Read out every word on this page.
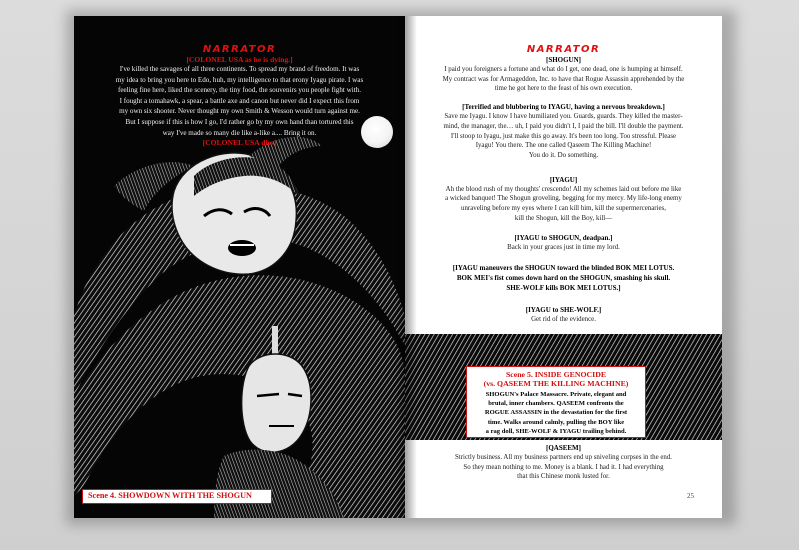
NARRATOR
[COLONEL USA as he is dying.]
I've killed the savages of all three continents. To spread my brand of freedom. It was
my idea to bring you here to Edo, huh, my intelligence to that erony Iyagu pirate. I was
feeling fine here, liked the scenery, the tiny food, the souvenirs you people fight with.
I fought a tomahawk, a spear, a battle axe and canon but never did I expect this from
my own six shooter. Never thought my own Smith & Wesson would turn against me.
But I suppose if this is how I go, I'd rather go by my own hand than tortured this
way I've made so many die like a-like a.... Bring it on.
[COLONEL USA dies]
Scene 4. SHOWDOWN WITH THE SHOGUN
NARRATOR
[SHOGUN]
I paid you foreigners a fortune and what do I get, one dead, one is humping at himself.
My contract was for Armageddon, Inc. to have that Rogue Assassin apprehended by the
time he got here to the feast of his own execution.
[Terrified and blubbering to IYAGU, having a nervous breakdown.]
Save me Iyagu. I know I have humiliated you. Guards, guards. They killed the master-
mind, the manager, the… uh, I paid you didn't I, I paid the bill. I'll double the payment.
I'll stoop to Iyagu, just make this go away. It's been too long. Too stressful. Please
Iyagu! You there. The one called Qaseem The Killing Machine!
You do it. Do something.
[IYAGU]
Ah the blood rush of my thoughts' crescendo! All my schemes laid out before me like
a wicked banquet! The Shogun groveling, begging for my mercy. My life-long enemy
unraveling before my eyes where I can kill him, kill the supermercenaries,
kill the Shogun, kill the Boy, kill—
[IYAGU to SHOGUN, deadpan.]
Back in your graces just in time my lord.
[IYAGU maneuvers the SHOGUN toward the blinded BOK MEI LOTUS.
BOK MEI's fist comes down hard on the SHOGUN, smashing his skull.
SHE-WOLF kills BOK MEI LOTUS.]
[IYAGU to SHE-WOLF.]
Get rid of the evidence.
Scene 5. INSIDE GENOCIDE
(vs. QASEEM THE KILLING MACHINE)
SHOGUN's Palace Massacre. Private, elegant and
brutal, inner chambers. QASEEM confronts the
ROGUE ASSASSIN in the devastation for the first
time. Walks around calmly, pulling the BOY like
a rag doll, SHE-WOLF & IYAGU trailing behind.
[QASEEM]
Strictly business. All my business partners end up sniveling corpses in the end.
So they mean nothing to me. Money is a blank. I had it. I had everything
that this Chinese monk lusted for.
25
